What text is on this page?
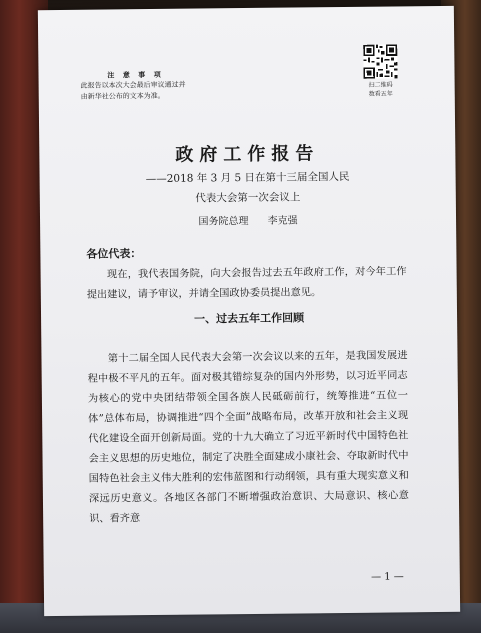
注 意 事 项
此报告以本次大会最后审议通过并由新华社公布的文本为准。
扫二维码
数看五年
政府工作报告
——2018 年 3 月 5 日在第十三届全国人民
代表大会第一次会议上
国务院总理 李克强
各位代表：
现在，我代表国务院，向大会报告过去五年政府工作，对今年工作提出建议，请予审议，并请全国政协委员提出意见。
一、过去五年工作回顾
第十二届全国人民代表大会第一次会议以来的五年，是我国发展进程中极不平凡的五年。面对极其错综复杂的国内外形势，以习近平同志为核心的党中央团结带领全国各族人民砥砺前行，统筹推进“五位一体”总体布局，协调推进“四个全面”战略布局，改革开放和社会主义现代化建设全面开创新局面。党的十九大确立了习近平新时代中国特色社会主义思想的历史地位，制定了决胜全面建成小康社会、夺取新时代中国特色社会主义伟大胜利的宏伟蓝图和行动纲领，具有重大现实意义和深远历史意义。各地区各部门不断增强政治意识、大局意识、核心意识、看齐意
— 1 —
